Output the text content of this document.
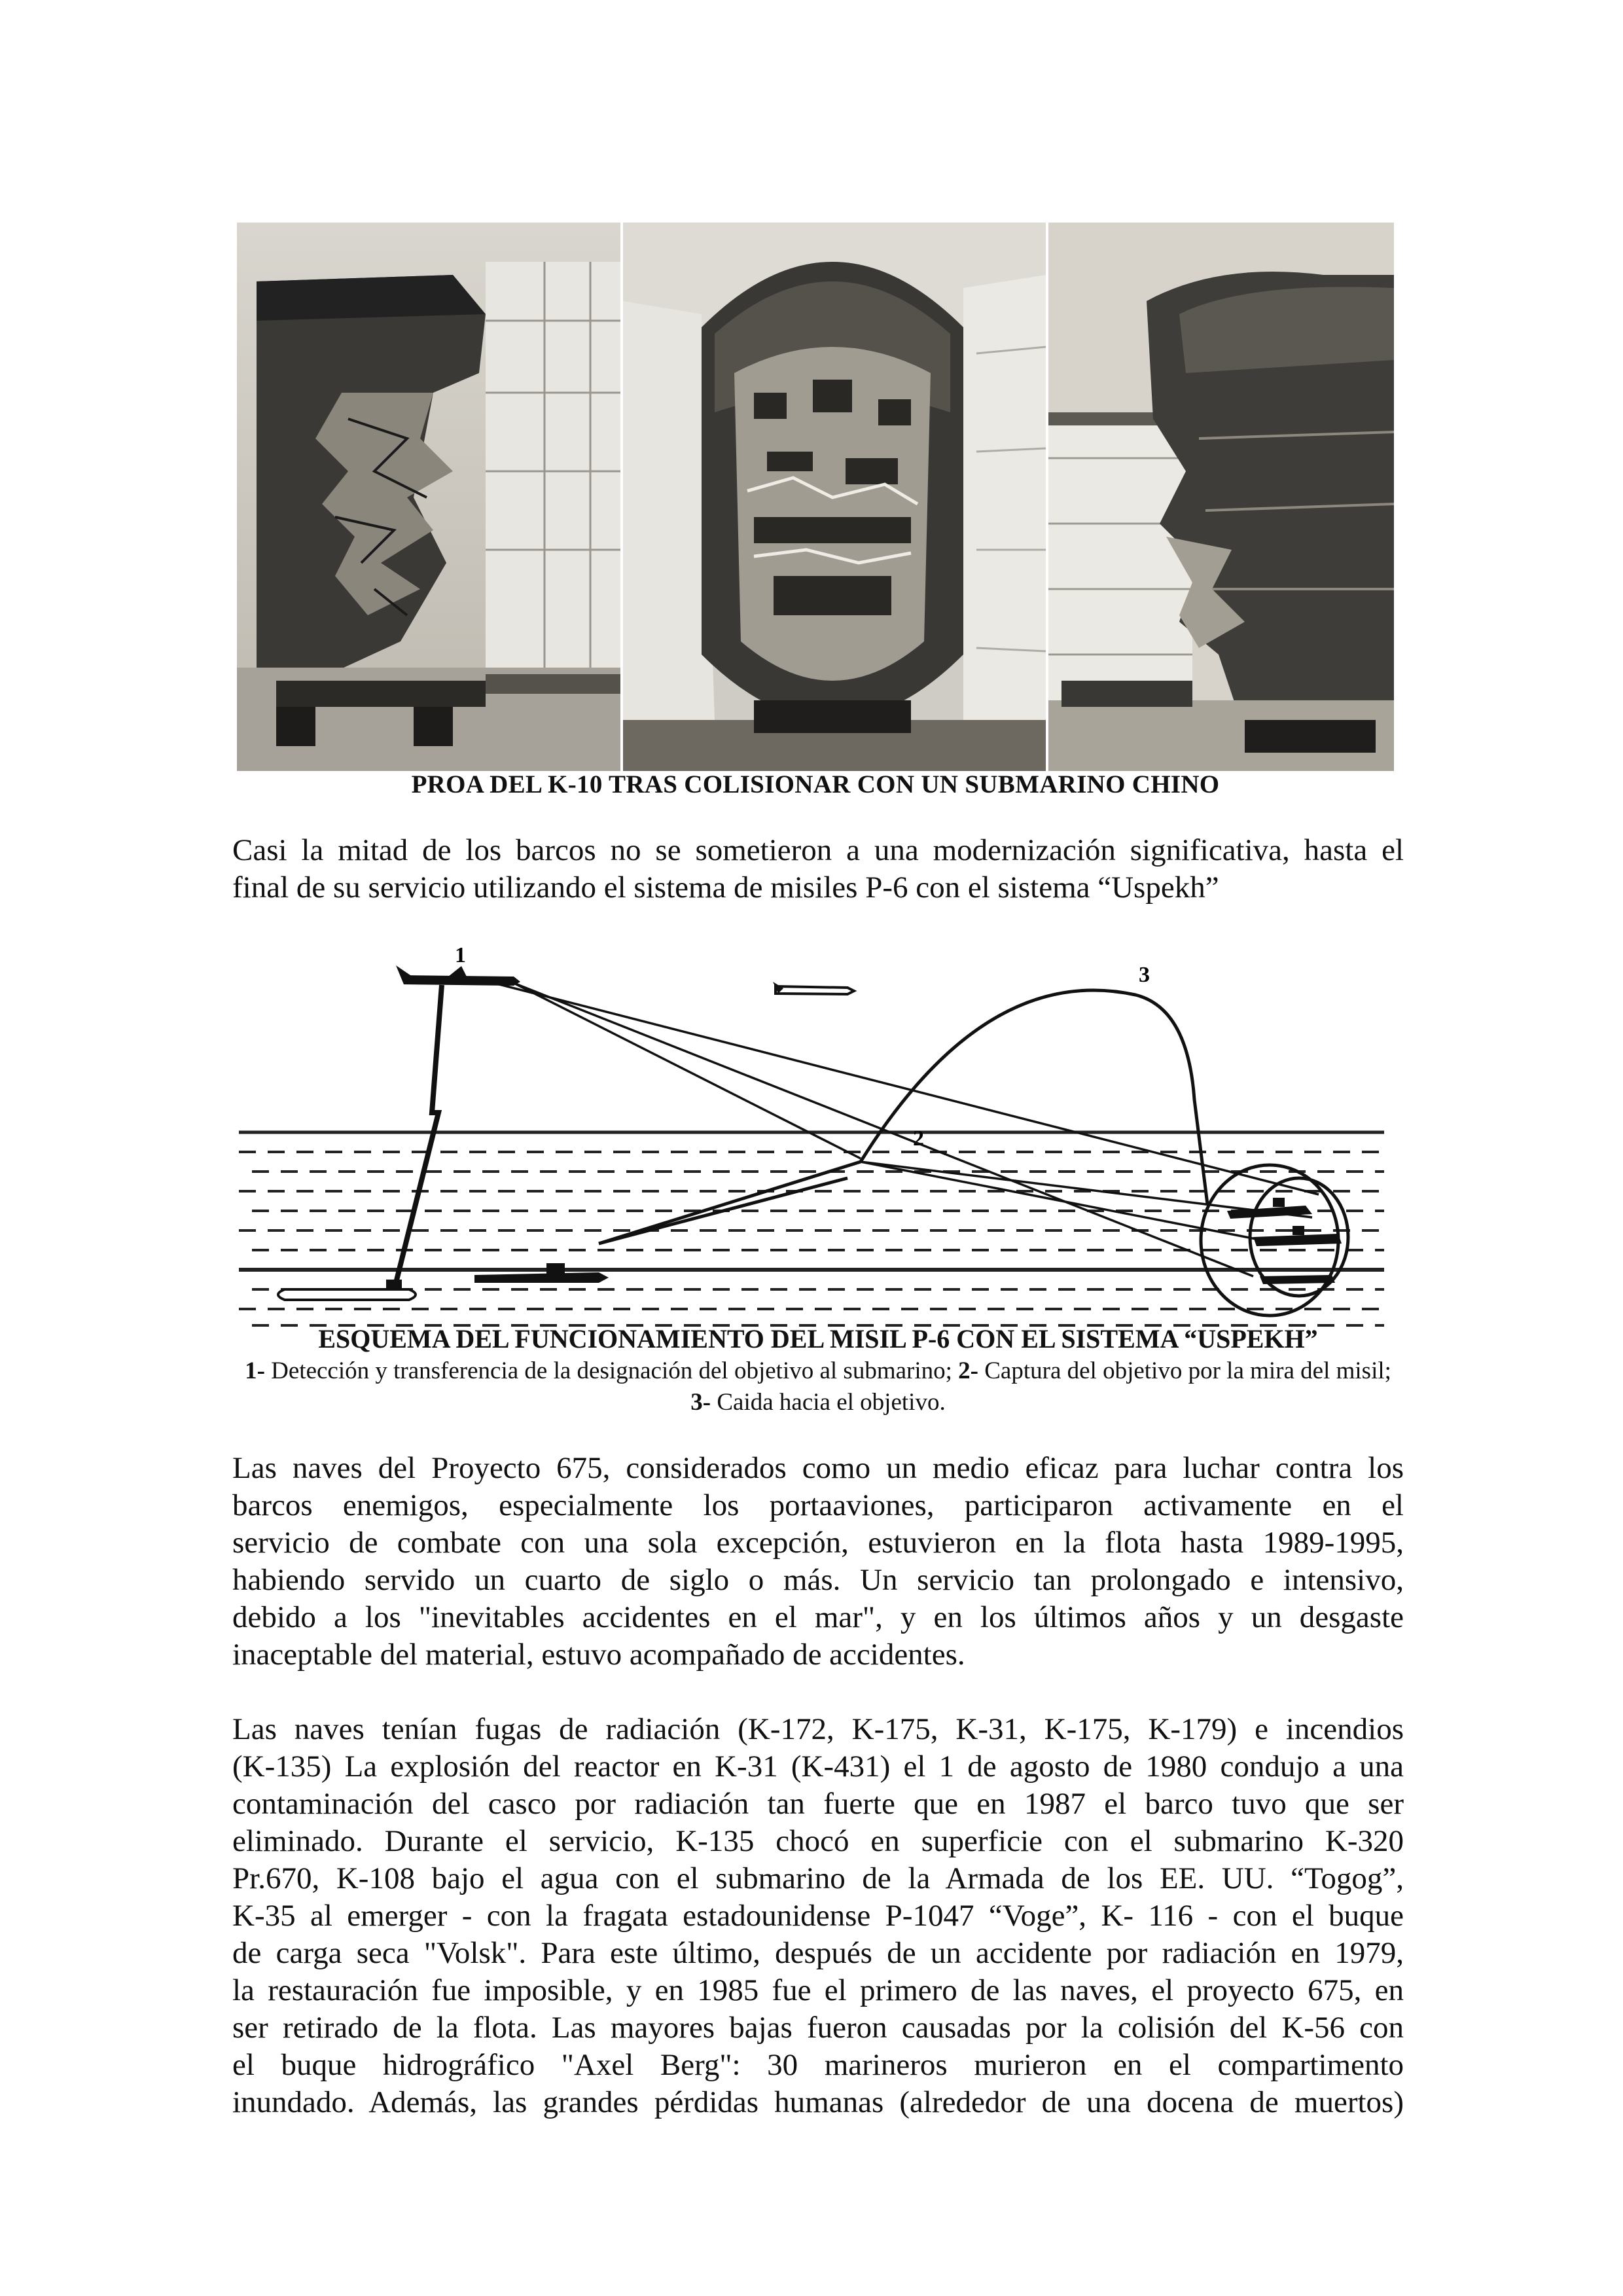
PROA DEL K-10 TRAS COLISIONAR CON UN SUBMARINO CHINO
Casi la mitad de los barcos no se sometieron a una modernización significativa, hasta el
final de su servicio utilizando el sistema de misiles P-6 con el sistema “Uspekh”
1
2
3
ESQUEMA DEL FUNCIONAMIENTO DEL MISIL P-6 CON EL SISTEMA “USPEKH”
1- Detección y transferencia de la designación del objetivo al submarino; 2- Captura del objetivo por la mira del misil; 3- Caida hacia el objetivo.
Las naves del Proyecto 675, considerados como un medio eficaz para luchar contra los
barcos enemigos, especialmente los portaaviones, participaron activamente en el
servicio de combate con una sola excepción, estuvieron en la flota hasta 1989-1995,
habiendo servido un cuarto de siglo o más. Un servicio tan prolongado e intensivo,
debido a los "inevitables accidentes en el mar", y en los últimos años y un desgaste
inaceptable del material, estuvo acompañado de accidentes.
Las naves tenían fugas de radiación (K-172, K-175, K-31, K-175, K-179) e incendios
(K-135) La explosión del reactor en K-31 (K-431) el 1 de agosto de 1980 condujo a una
contaminación del casco por radiación tan fuerte que en 1987 el barco tuvo que ser
eliminado. Durante el servicio, K-135 chocó en superficie con el submarino K-320
Pr.670, K-108 bajo el agua con el submarino de la Armada de los EE. UU. “Togog”,
K-35 al emerger - con la fragata estadounidense P-1047 “Voge”, K- 116 - con el buque
de carga seca "Volsk". Para este último, después de un accidente por radiación en 1979,
la restauración fue imposible, y en 1985 fue el primero de las naves, el proyecto 675, en
ser retirado de la flota. Las mayores bajas fueron causadas por la colisión del K-56 con
el buque hidrográfico "Axel Berg": 30 marineros murieron en el compartimento
inundado. Además, las grandes pérdidas humanas (alrededor de una docena de muertos)
